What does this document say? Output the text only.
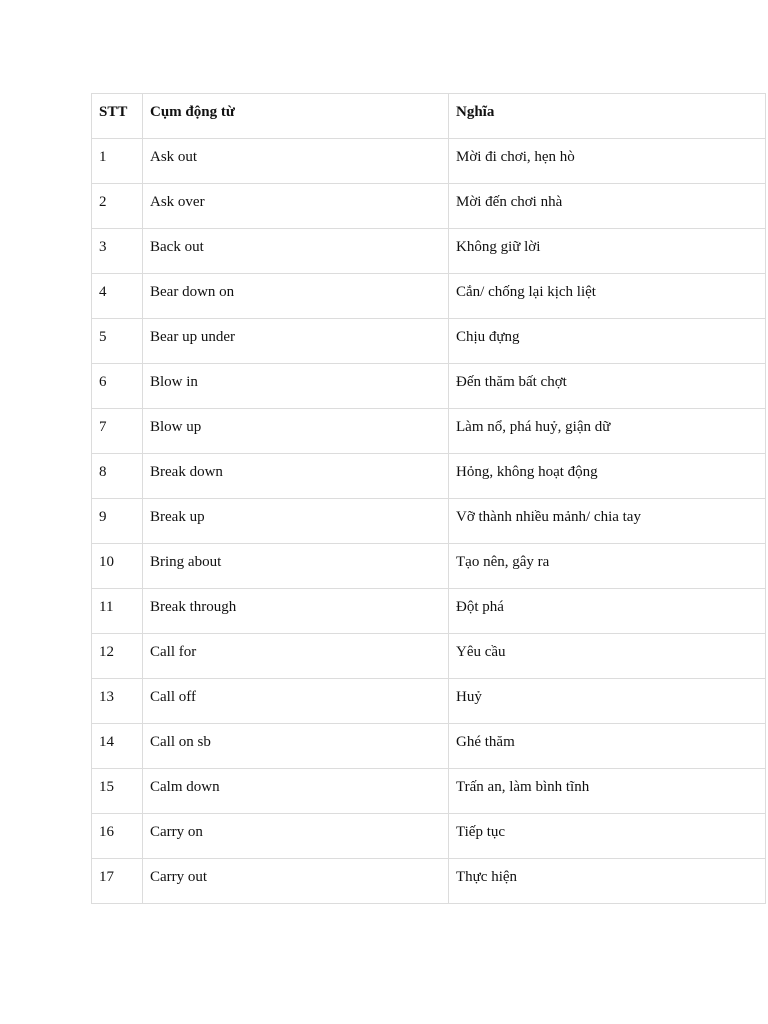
STT	Cụm động từ	Nghĩa
1	Ask out	Mời đi chơi, hẹn hò
2	Ask over	Mời đến chơi nhà
3	Back out	Không giữ lời
4	Bear down on	Cắn/ chống lại kịch liệt
5	Bear up under	Chịu đựng
6	Blow in	Đến thăm bất chợt
7	Blow up	Làm nổ, phá huỷ, giận dữ
8	Break down	Hỏng, không hoạt động
9	Break up	Vỡ thành nhiều mảnh/ chia tay
10	Bring about	Tạo nên, gây ra
11	Break through	Đột phá
12	Call for	Yêu cầu
13	Call off	Huỷ
14	Call on sb	Ghé thăm
15	Calm down	Trấn an, làm bình tĩnh
16	Carry on	Tiếp tục
17	Carry out	Thực hiện
